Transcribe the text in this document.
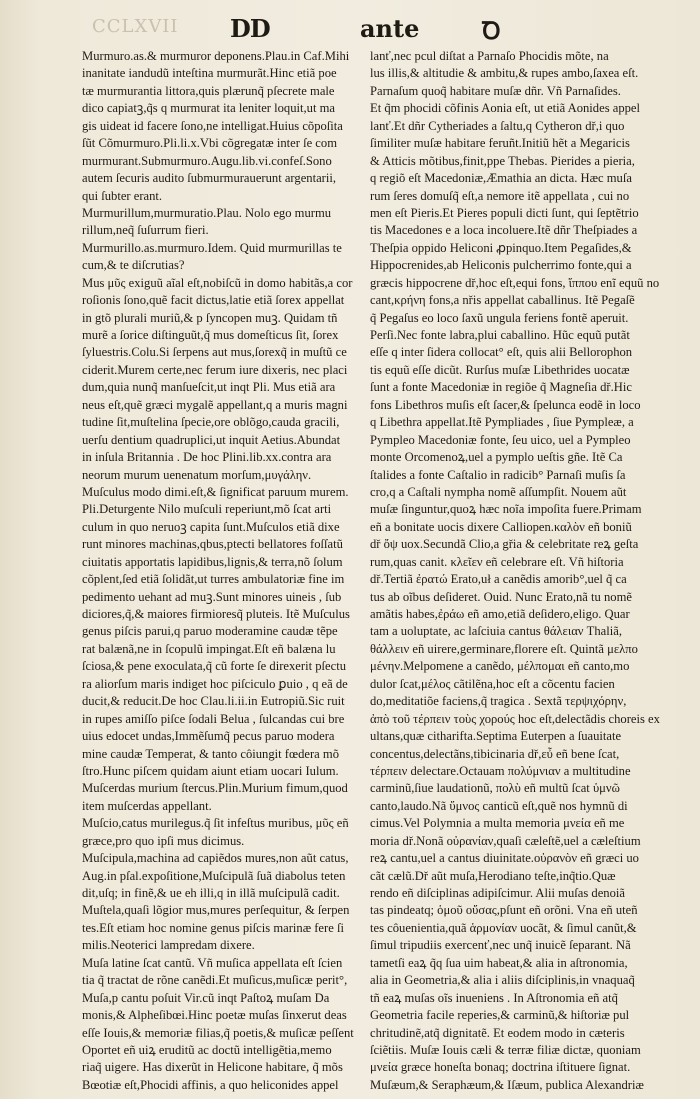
CCLXVII DD	ante	Ꝺ
Murmuro.as.& murmuror deponens.Plau.in Caf.Mihi
inanitate iandudũ inteſtina murmurãt.Hinc etiã poe
tæ murmurantia littora,quis plærunq̃ pſecrete male
dico capiatꝫ,q̃s q murmurat ita leniter loquit,ut ma
gis uideat id facere ſono,ne intelligat.Huius cõpoſita
ſũt Cõmurmuro.Pli.li.x.Vbi cõgregatæ inter ſe com
murmurant.Submurmuro.Augu.lib.vi.confeſ.Sono
autem ſecuris audito ſubmurmurauerunt argentarii,
qui ſubter erant.
Murmurillum,murmuratio.Plau. Nolo ego murmu
rillum,neq̃ ſuſurrum fieri.
Murmurillo.as.murmuro.Idem. Quid murmurillas te
cum,& te diſcrutias?
Mus μῦς exiguũ aĩal eſt,nobiſcũ in domo habitãs,a cor
roſionis ſono,quẽ facit dictus,latie etiã ſorex appellat
in gtõ plurali muriũ,& p ſyncopen muꝫ. Quidam tñ
murẽ a ſorice diſtinguũt,q̃ mus domeſticus ſit, ſorex
ſyluestris.Colu.Si ſerpens aut mus,ſorexq̃ in muſtũ ce
ciderit.Murem certe,nec ferum iure dixeris, nec placi
dum,quia nunq̃ manſueſcit,ut inqt Pli. Mus etiã ara
neus eſt,quẽ græci mygalẽ appellant,q a muris magni
tudine ſit,muſtelina ſpecie,ore oblõgo,cauda gracili,
uerſu dentium quadruplici,ut inquit Aetius.Abundat
in inſula Britannia . De hoc Plini.lib.xx.contra ara
neorum murum uenenatum morſum,μυγάλην.
Muſculus modo dimi.eſt,& ſignificat paruum murem.
Pli.Deturgente Nilo muſculi reperiunt,mõ ſcat arti
culum in quo neruoꝫ capita ſunt.Muſculos etiã dixe
runt minores machinas,qbus,ptecti bellatores foſſatũ
ciuitatis apportatis lapidibus,lignis,& terra,nõ ſolum
cõplent,ſed etiã ſolidãt,ut turres ambulatoriæ fine im
pedimento uehant ad muꝫ.Sunt minores uineis , ſub
diciores,q̃,& maiores firmioresq̃ pluteis. Itẽ Muſculus
genus piſcis parui,q paruo moderamine caudæ tẽpe
rat balænã,ne in ſcopulũ impingat.Eſt eñ balæna lu
ſciosa,& pene exoculata,q̃ cũ forte ſe direxerit pſectu
ra aliorſum maris indiget hoc piſciculo ꝑuio , q eã de
ducit,& reducit.De hoc Clau.li.ii.in Eutropiũ.Sic ruit
in rupes amiſſo piſce ſodali Belua , ſulcandas cui bre
uius edocet undas,Immẽſumq̃ pecus paruo modera
mine caudæ Temperat, & tanto côiungit fœdera mõ
ſtro.Hunc piſcem quidam aiunt etiam uocari Iulum.
Muſcerdas murium ſtercus.Plin.Murium fimum,quod
item muſcerdas appellant.
Muſcio,catus murilegus.q̃ ſit infeſtus muribus, μῦς eñ
græce,pro quo ipſi mus dicimus.
Muſcipula,machina ad capiẽdos mures,non aũt catus,
Aug.in pſal.expoſitione,Muſcipulã ſuã diabolus teten
dit,uſq; in finẽ,& ue eh illi,q in illã muſcipulã cadit.
Muſtela,quaſi lõgior mus,mures perſequitur, & ſerpen
tes.Eſt etiam hoc nomine genus piſcis marinæ fere ſi
milis.Neoterici lampredam dixere.
Muſa latine ſcat cantũ. Vñ muſica appellata eſt ſcien
tia q̃ tractat de rõne canẽdi.Et muſicus,muſicæ perit°,
Muſa,p cantu poſuit Vir.cũ inqt Paſtoꝝ muſam Da
monis,& Alpheſibœi.Hinc poetæ muſas ſinxerut deas
eſſe Iouis,& memoriæ filias,q̃ poetis,& muſicæ peſſent
Oportet eñ uiꝝ eruditũ ac doctũ intelligẽtia,memo
riaq̃ uigere. Has dixerũt in Helicone habitare, q̃ mõs
Bœotiæ eſt,Phocidi affinis, a quo heliconides appel
lanť,nec pcul diſtat a Parnaſo Phocidis mõte, na
lus illis,& altitudie & ambitu,& rupes ambo,ſaxea eſt.
Parnaſum quoq̃ habitare muſæ dñr. Vñ Parnaſides.
Et q̃m phocidi cõfinis Aonia eſt, ut etiã Aonides appel
lanť.Et dñr Cytheriades a ſaltu,q Cytheron dř,i quo
ſimiliter muſæ habitare feruñt.Initiũ hẽt a Megaricis
& Atticis mõtibus,finit,ppe Thebas. Pierides a pieria,
q regiõ eſt Macedoniæ,Æmathia an dicta. Hæc muſa
rum ſeres domuſq̃ eſt,a nemore itẽ appellata , cui no
men eſt Pieris.Et Pieres populi dicti ſunt, qui ſeptẽtrio
tis Macedones e a loca incoluere.Itẽ dñr Theſpiades a
Theſpia oppido Heliconi ꝓpinquo.Item Pegaſides,&
Hippocrenides,ab Heliconis pulcherrimo fonte,qui a
græcis hippocrene dř,hoc eſt,equi fons, ἵππου enĩ equũ no
cant,κρήνη fons,a nřis appellat caballinus. Itẽ Pegaſẽ
q̃ Pegaſus eo loco ſaxũ ungula feriens fontẽ aperuit.
Perſi.Nec fonte labra,plui caballino. Hũc equũ putãt
eſſe q inter ſidera collocat° eſt, quis alii Bellorophon
tis equũ eſſe dicũt. Rurſus muſæ Libethrides uocatæ
ſunt a fonte Macedoniæ in regiõe q̃ Magneſia dř.Hic
fons Libethros muſis eſt ſacer,& ſpelunca eodẽ in loco
q Libethra appellat.Itẽ Pympliades , ſiue Pympleæ, a
Pympleo Macedoniæ fonte, ſeu uico, uel a Pympleo
monte Orcomenoꝝ,uel a pymplo ueſtis gñe. Itẽ Ca
ſtalides a fonte Caſtalio in radicib° Parnaſi muſis ſa
cro,q a Caſtali nympha nomẽ aſſumpſit. Nouem aũt
muſæ ſinguntur,quoꝝ hæc noĩa impoſita fuere.Primam
eñ a bonitate uocis dixere Calliopen.καλὸν eñ boniũ
dř ὄψ uox.Secundã Clio,a gřia & celebritate reꝝ geſta
rum,quas canit. κλεῖεν eñ celebrare eſt. Vñ hiſtoria
dř.Tertiã ἐρατώ Erato,uł a canẽdis amorib°,uel q̃ ca
tus ab oĩbus deſideret. Ouid. Nunc Erato,nã tu nomẽ
amãtis habes,ἐράω eñ amo,etiã deſidero,eligo. Quar
tam a uoluptate, ac laſciuia cantus θάλειαν Thaliã,
θάλλειν eñ uirere,germinare,florere eſt. Quintã μελπο
μένην.Melpomene a canẽdo, μέλπομαι eñ canto,mo
dulor ſcat,μέλος cãtilẽna,hoc eſt a cõcentu facien
do,meditatiõe faciens,q̃ tragica . Sextã τερψιχόρην,
ἀπὸ τοῦ τέρπειν τοὺς χορούς hoc eſt,delectãdis choreis ex
ultans,quæ citharifta.Septima Euterpen a ſuauitate
concentus,delectãns,tibicinaria dř,εὖ eñ bene ſcat,
τέρπειν delectare.Octauam πολύμνιαν a multitudine
carminũ,ſiue laudationũ, πολὺ eñ multũ ſcat ὑμνῶ
canto,laudo.Nã ὕμνος canticũ eſt,quẽ nos hymnũ di
cimus.Vel Polymnia a multa memoria μνεία eñ me
moria dř.Nonã οὐρανίαν,quaſi cæleſtẽ,uel a cæleſtium
reꝝ cantu,uel a cantus diuinitate.οὐρανὸν eñ græci uo
cãt cælũ.Dř aũt muſa,Herodiano teſte,inq̃tio.Quæ
rendo eñ diſciplinas adipiſcimur. Alii muſas denoiã
tas pindeatq; ὁμοῦ οὔσας,pſunt eñ orõni. Vna eñ uteñ
tes côuenientia,quã ἁρμονίαν uocãt, & ſimul canũt,&
ſimul tripudiis exercenť,nec unq̃ inuicẽ ſeparant. Nã
tametſi eaꝝ q̃q ſua uim habeat,& alia in aſtronomia,
alia in Geometria,& alia i aliis diſciplinis,in vnaquaq̃
tñ eaꝝ muſas oĩs inueniens . In Aſtronomia eñ atq̃
Geometria facile reperies,& carminũ,& hiſtoriæ pul
chritudinẽ,atq̃ dignitatẽ. Et eodem modo in cæteris
ſciẽtiis. Muſæ Iouis cæli & terræ filiæ dictæ, quoniam
μνεία græce honeſta bonaq; doctrina iſtituere ſignat.
Muſæum,& Seraphæum,& Iſæum, publica Alexandriæ
